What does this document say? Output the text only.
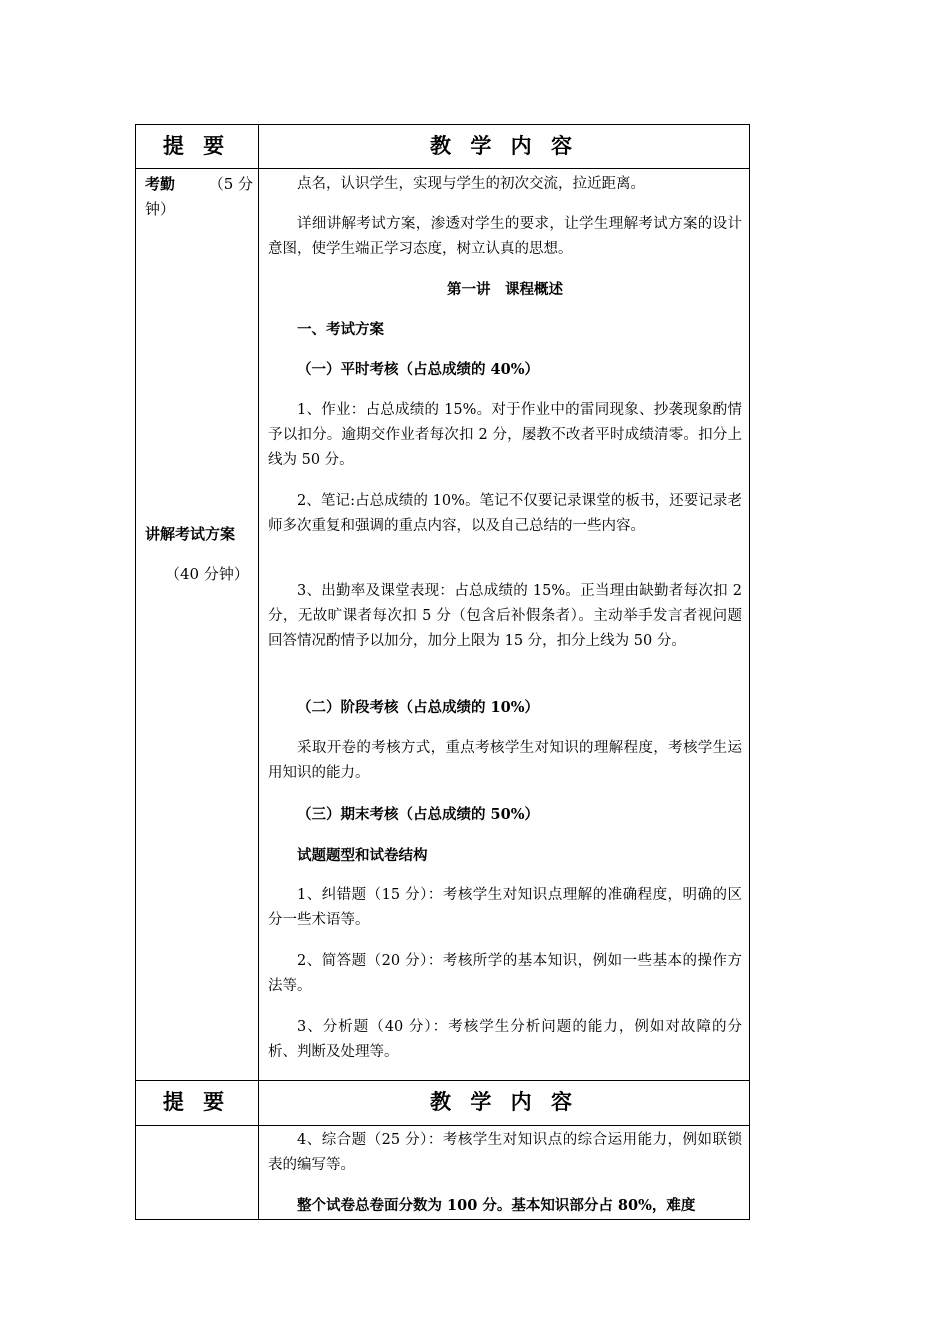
提 要	教 学 内 容
考勤 （5 分
钟）
讲解考试方案
（40 分钟）
点名，认识学生，实现与学生的初次交流，拉近距离。
详细讲解考试方案，渗透对学生的要求，让学生理解考试方案的设计意图，使学生端正学习态度，树立认真的思想。
第一讲　课程概述
一、考试方案
（一）平时考核（占总成绩的 40%）
1、作业：占总成绩的 15%。对于作业中的雷同现象、抄袭现象酌情予以扣分。逾期交作业者每次扣 2 分，屡教不改者平时成绩清零。扣分上线为 50 分。
2、笔记:占总成绩的 10%。笔记不仅要记录课堂的板书，还要记录老师多次重复和强调的重点内容，以及自己总结的一些内容。
3、出勤率及课堂表现：占总成绩的 15%。正当理由缺勤者每次扣 2 分，无故旷课者每次扣 5 分（包含后补假条者）。主动举手发言者视问题回答情况酌情予以加分，加分上限为 15 分，扣分上线为 50 分。
（二）阶段考核（占总成绩的 10%）
采取开卷的考核方式，重点考核学生对知识的理解程度，考核学生运用知识的能力。
（三）期末考核（占总成绩的 50%）
试题题型和试卷结构
1、纠错题（15 分）：考核学生对知识点理解的准确程度，明确的区分一些术语等。
2、简答题（20 分）：考核所学的基本知识，例如一些基本的操作方法等。
3、分析题（40 分）：考核学生分析问题的能力，例如对故障的分析、判断及处理等。
提 要	教 学 内 容
4、综合题（25 分）：考核学生对知识点的综合运用能力，例如联锁表的编写等。
整个试卷总卷面分数为 100 分。基本知识部分占 80%，难度
